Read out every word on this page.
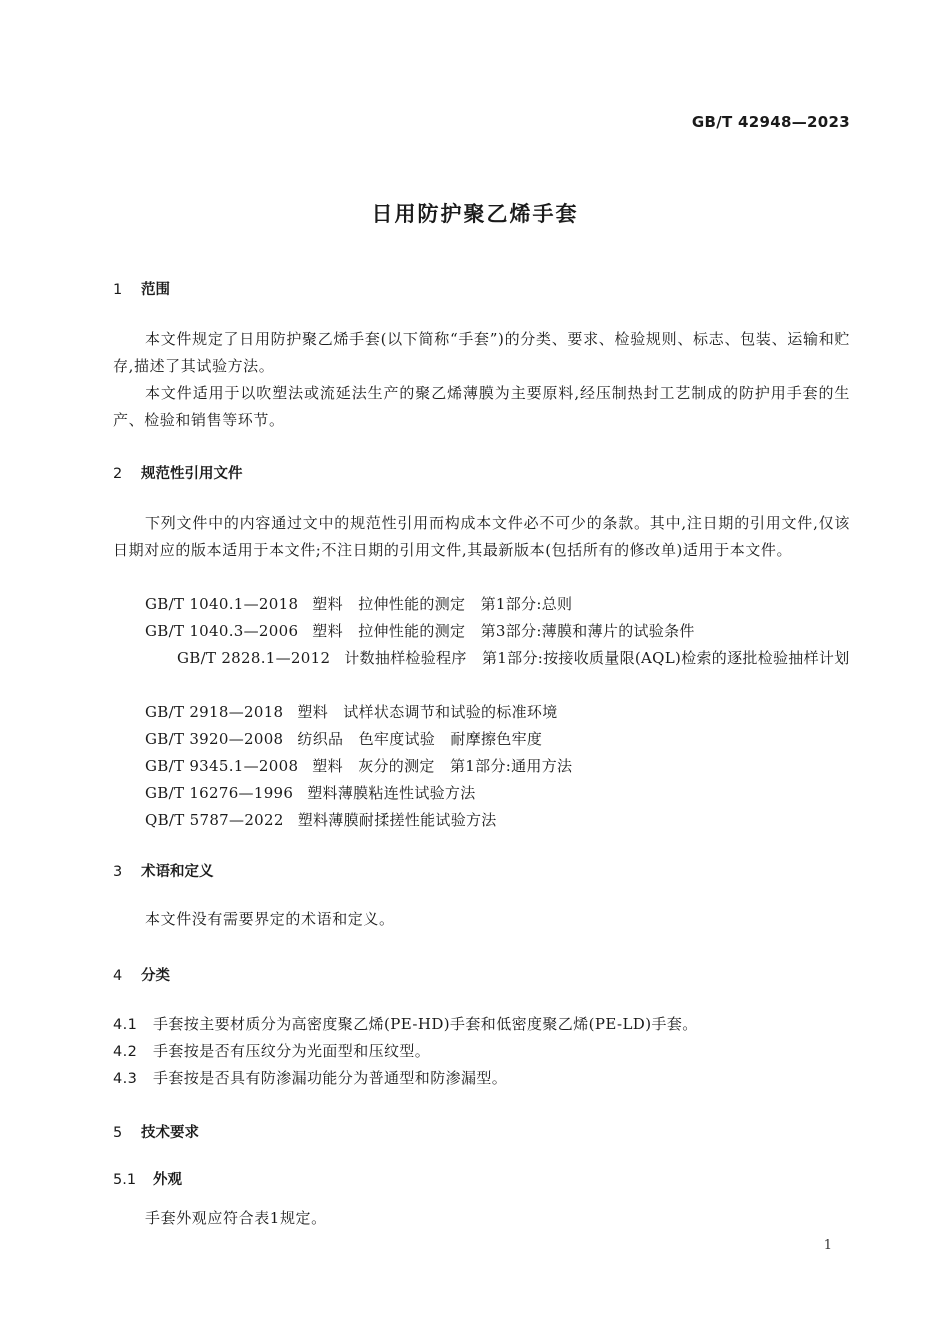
GB/T 42948—2023
日用防护聚乙烯手套
1 范围
本文件规定了日用防护聚乙烯手套(以下简称“手套”)的分类、要求、检验规则、标志、包装、运输和贮存,描述了其试验方法。
本文件适用于以吹塑法或流延法生产的聚乙烯薄膜为主要原料,经压制热封工艺制成的防护用手套的生产、检验和销售等环节。
2 规范性引用文件
下列文件中的内容通过文中的规范性引用而构成本文件必不可少的条款。其中,注日期的引用文件,仅该日期对应的版本适用于本文件;不注日期的引用文件,其最新版本(包括所有的修改单)适用于本文件。
GB/T 1040.1—2018 塑料　拉伸性能的测定　第1部分:总则
GB/T 1040.3—2006 塑料　拉伸性能的测定　第3部分:薄膜和薄片的试验条件
GB/T 2828.1—2012 计数抽样检验程序　第1部分:按接收质量限(AQL)检索的逐批检验抽样计划
GB/T 2918—2018 塑料　试样状态调节和试验的标准环境
GB/T 3920—2008 纺织品　色牢度试验　耐摩擦色牢度
GB/T 9345.1—2008 塑料　灰分的测定　第1部分:通用方法
GB/T 16276—1996 塑料薄膜粘连性试验方法
QB/T 5787—2022 塑料薄膜耐揉搓性能试验方法
3 术语和定义
本文件没有需要界定的术语和定义。
4 分类
4.1 手套按主要材质分为高密度聚乙烯(PE-HD)手套和低密度聚乙烯(PE-LD)手套。
4.2 手套按是否有压纹分为光面型和压纹型。
4.3 手套按是否具有防渗漏功能分为普通型和防渗漏型。
5 技术要求
5.1 外观
手套外观应符合表1规定。
1
